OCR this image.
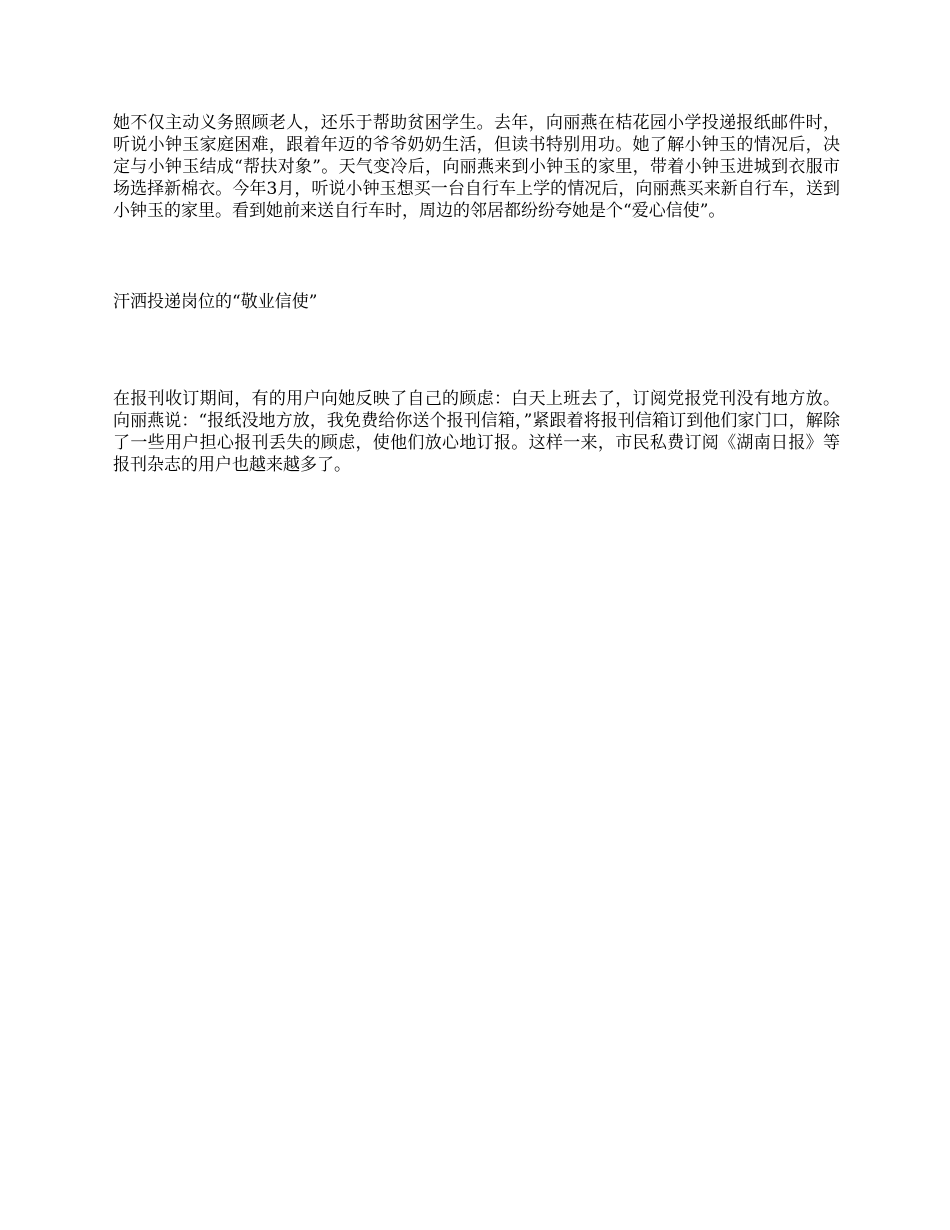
她不仅主动义务照顾老人，还乐于帮助贫困学生。去年，向丽燕在桔花园小学投递报纸邮件时，听说小钟玉家庭困难，跟着年迈的爷爷奶奶生活，但读书特别用功。她了解小钟玉的情况后，决定与小钟玉结成“帮扶对象”。天气变冷后，向丽燕来到小钟玉的家里，带着小钟玉进城到衣服市场选择新棉衣。今年3月，听说小钟玉想买一台自行车上学的情况后，向丽燕买来新自行车，送到小钟玉的家里。看到她前来送自行车时，周边的邻居都纷纷夸她是个“爱心信使”。

汗洒投递岗位的“敬业信使”

在报刊收订期间，有的用户向她反映了自己的顾虑：白天上班去了，订阅党报党刊没有地方放。向丽燕说：“报纸没地方放，我免费给你送个报刊信箱，”紧跟着将报刊信箱订到他们家门口，解除了一些用户担心报刊丢失的顾虑，使他们放心地订报。这样一来，市民私费订阅《湖南日报》等报刊杂志的用户也越来越多了。
